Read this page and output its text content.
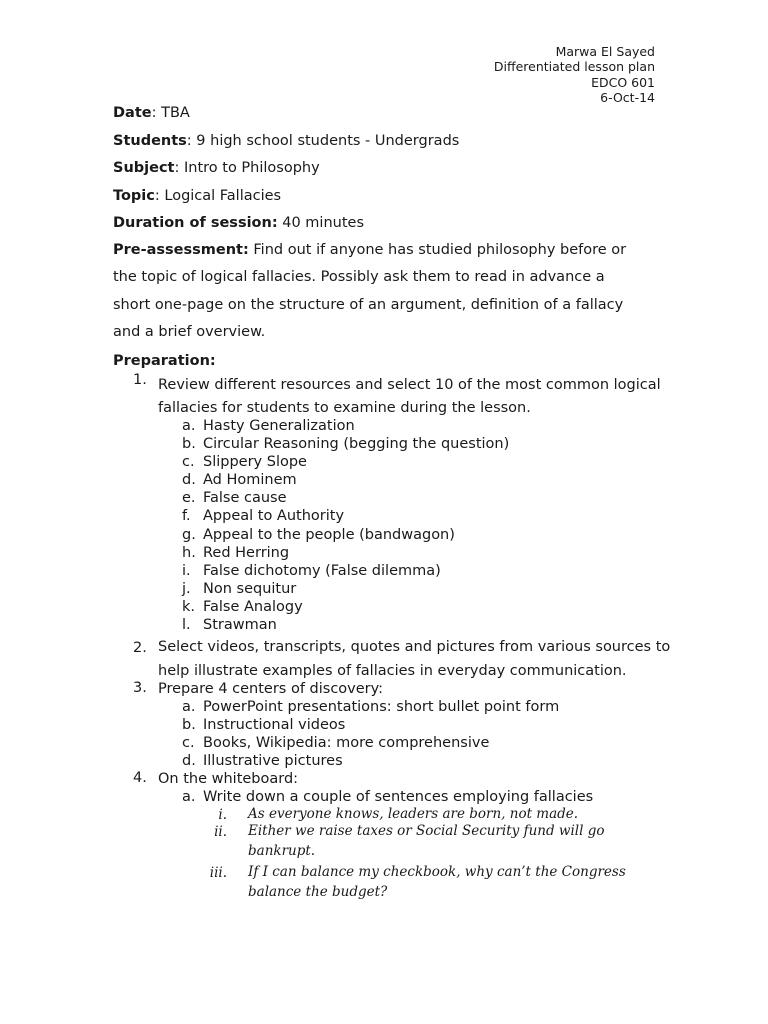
Marwa El Sayed
Differentiated lesson plan
EDCO 601
6-Oct-14

Date: TBA

Students: 9 high school students - Undergrads

Subject: Intro to Philosophy

Topic: Logical Fallacies

Duration of session: 40 minutes

Pre-assessment: Find out if anyone has studied philosophy before or

the topic of logical fallacies. Possibly ask them to read in advance a

short one-page on the structure of an argument, definition of a fallacy

and a brief overview.

Preparation:

1. Review different resources and select 10 of the most common logical
fallacies for students to examine during the lesson.
a. Hasty Generalization
b. Circular Reasoning (begging the question)
c. Slippery Slope
d. Ad Hominem
e. False cause
f. Appeal to Authority
g. Appeal to the people (bandwagon)
h. Red Herring
i. False dichotomy (False dilemma)
j. Non sequitur
k. False Analogy
l. Strawman
2. Select videos, transcripts, quotes and pictures from various sources to
help illustrate examples of fallacies in everyday communication.
3. Prepare 4 centers of discovery:
a. PowerPoint presentations: short bullet point form
b. Instructional videos
c. Books, Wikipedia: more comprehensive
d. Illustrative pictures
4. On the whiteboard:
a. Write down a couple of sentences employing fallacies
i. As everyone knows, leaders are born, not made.
ii. Either we raise taxes or Social Security fund will go
bankrupt.
iii. If I can balance my checkbook, why can’t the Congress
balance the budget?
